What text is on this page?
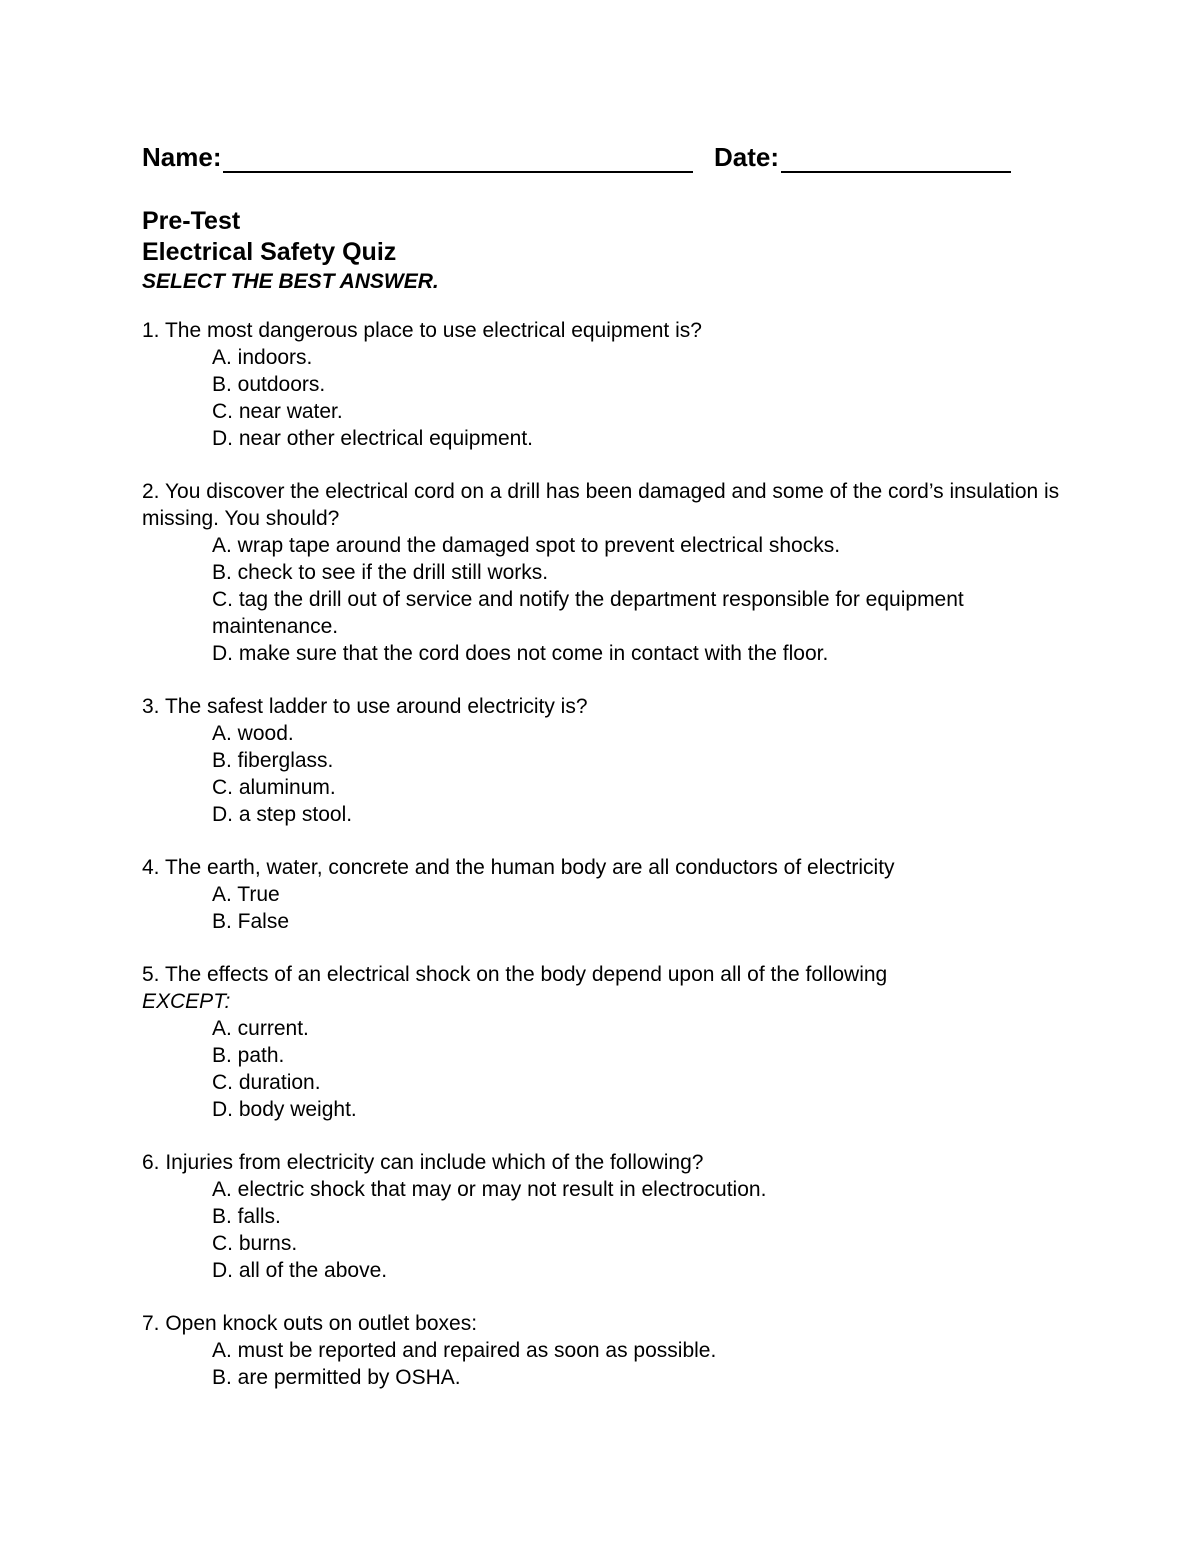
Name:	Date:
Pre-Test
Electrical Safety Quiz
SELECT THE BEST ANSWER.
1. The most dangerous place to use electrical equipment is?
A. indoors.
B. outdoors.
C. near water.
D. near other electrical equipment.
2. You discover the electrical cord on a drill has been damaged and some of the cord’s insulation is missing. You should?
A. wrap tape around the damaged spot to prevent electrical shocks.
B. check to see if the drill still works.
C. tag the drill out of service and notify the department responsible for equipment maintenance.
D. make sure that the cord does not come in contact with the floor.
3. The safest ladder to use around electricity is?
A. wood.
B. fiberglass.
C. aluminum.
D. a step stool.
4. The earth, water, concrete and the human body are all conductors of electricity
A. True
B. False
5. The effects of an electrical shock on the body depend upon all of the following
EXCEPT:
A. current.
B. path.
C. duration.
D. body weight.
6. Injuries from electricity can include which of the following?
A. electric shock that may or may not result in electrocution.
B. falls.
C. burns.
D. all of the above.
7. Open knock outs on outlet boxes:
A. must be reported and repaired as soon as possible.
B. are permitted by OSHA.
